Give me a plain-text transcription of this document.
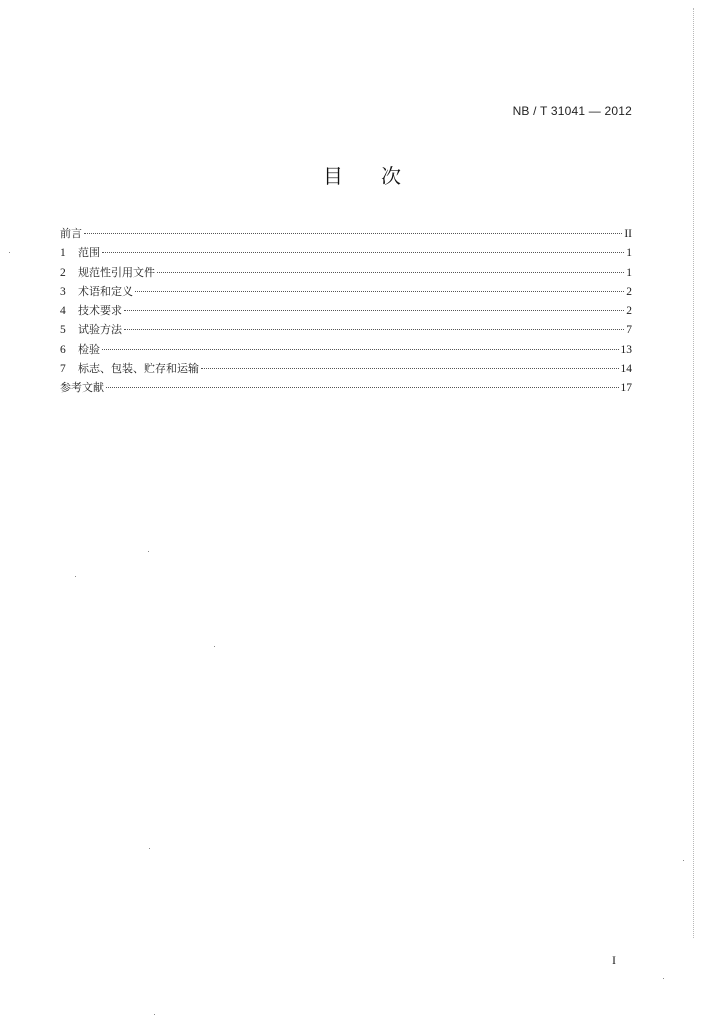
NB / T 31041 — 2012
目次
前言	II
1	范围	1
2	规范性引用文件	1
3	术语和定义	2
4	技术要求	2
5	试验方法	7
6	检验	13
7	标志、包装、贮存和运输	14
参考文献	17
I
